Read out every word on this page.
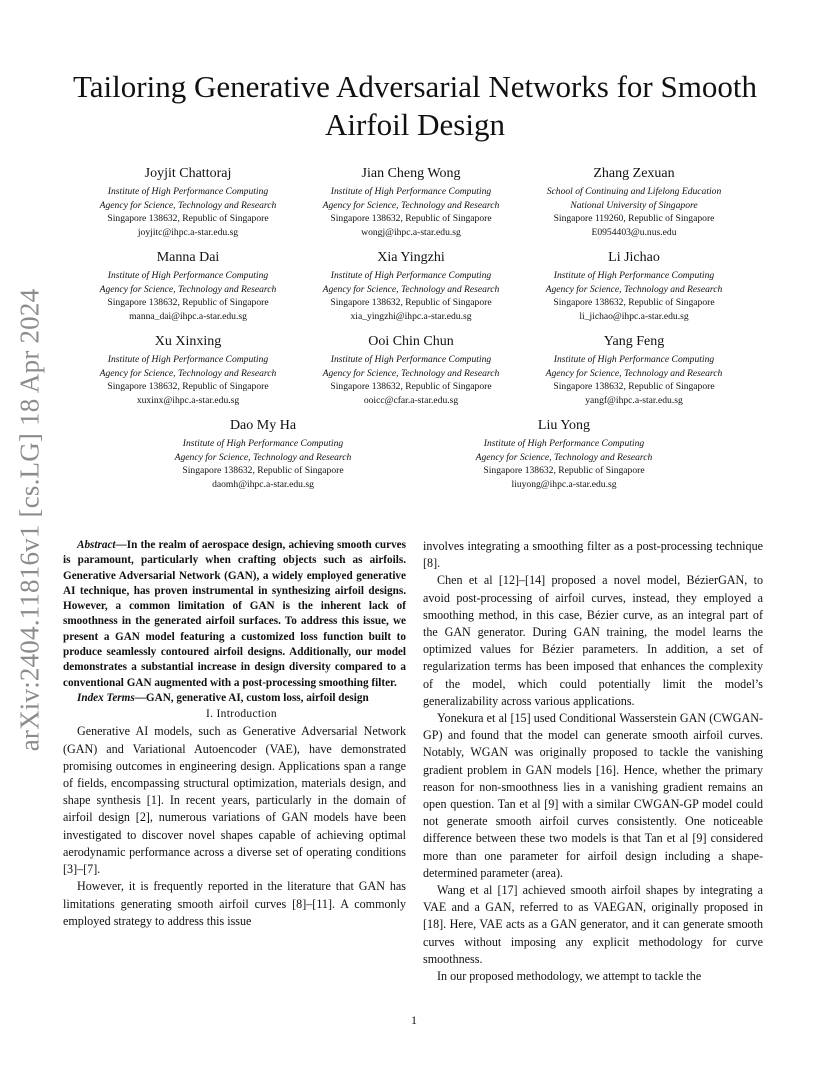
arXiv:2404.11816v1 [cs.LG] 18 Apr 2024
Tailoring Generative Adversarial Networks for Smooth Airfoil Design
Joyjit Chattoraj
Institute of High Performance Computing
Agency for Science, Technology and Research
Singapore 138632, Republic of Singapore
joyjitc@ihpc.a-star.edu.sg
Jian Cheng Wong
Institute of High Performance Computing
Agency for Science, Technology and Research
Singapore 138632, Republic of Singapore
wongj@ihpc.a-star.edu.sg
Zhang Zexuan
School of Continuing and Lifelong Education
National University of Singapore
Singapore 119260, Republic of Singapore
E0954403@u.nus.edu
Manna Dai
Institute of High Performance Computing
Agency for Science, Technology and Research
Singapore 138632, Republic of Singapore
manna_dai@ihpc.a-star.edu.sg
Xia Yingzhi
Institute of High Performance Computing
Agency for Science, Technology and Research
Singapore 138632, Republic of Singapore
xia_yingzhi@ihpc.a-star.edu.sg
Li Jichao
Institute of High Performance Computing
Agency for Science, Technology and Research
Singapore 138632, Republic of Singapore
li_jichao@ihpc.a-star.edu.sg
Xu Xinxing
Institute of High Performance Computing
Agency for Science, Technology and Research
Singapore 138632, Republic of Singapore
xuxinx@ihpc.a-star.edu.sg
Ooi Chin Chun
Institute of High Performance Computing
Agency for Science, Technology and Research
Singapore 138632, Republic of Singapore
ooicc@cfar.a-star.edu.sg
Yang Feng
Institute of High Performance Computing
Agency for Science, Technology and Research
Singapore 138632, Republic of Singapore
yangf@ihpc.a-star.edu.sg
Dao My Ha
Institute of High Performance Computing
Agency for Science, Technology and Research
Singapore 138632, Republic of Singapore
daomh@ihpc.a-star.edu.sg
Liu Yong
Institute of High Performance Computing
Agency for Science, Technology and Research
Singapore 138632, Republic of Singapore
liuyong@ihpc.a-star.edu.sg

Abstract—In the realm of aerospace design, achieving smooth curves is paramount, particularly when crafting objects such as airfoils. Generative Adversarial Network (GAN), a widely employed generative AI technique, has proven instrumental in synthesizing airfoil designs. However, a common limitation of GAN is the inherent lack of smoothness in the generated airfoil surfaces. To address this issue, we present a GAN model featuring a customized loss function built to produce seamlessly contoured airfoil designs. Additionally, our model demonstrates a substantial increase in design diversity compared to a conventional GAN augmented with a post-processing smoothing filter.

Index Terms—GAN, generative AI, custom loss, airfoil design

I. Introduction

Generative AI models, such as Generative Adversarial Network (GAN) and Variational Autoencoder (VAE), have demonstrated promising outcomes in engineering design. Applications span a range of fields, encompassing structural optimization, materials design, and shape synthesis [1]. In recent years, particularly in the domain of airfoil design [2], numerous variations of GAN models have been investigated to discover novel shapes capable of achieving optimal aerodynamic performance across a diverse set of operating conditions [3]–[7].

However, it is frequently reported in the literature that GAN has limitations generating smooth airfoil curves [8]–[11]. A commonly employed strategy to address this issue

involves integrating a smoothing filter as a post-processing technique [8].

Chen et al [12]–[14] proposed a novel model, BézierGAN, to avoid post-processing of airfoil curves, instead, they employed a smoothing method, in this case, Bézier curve, as an integral part of the GAN generator. During GAN training, the model learns the optimized values for Bézier parameters. In addition, a set of regularization terms has been imposed that enhances the complexity of the model, which could potentially limit the model’s generalizability across various applications.

Yonekura et al [15] used Conditional Wasserstein GAN (CWGAN-GP) and found that the model can generate smooth airfoil curves. Notably, WGAN was originally proposed to tackle the vanishing gradient problem in GAN models [16]. Hence, whether the primary reason for non-smoothness lies in a vanishing gradient remains an open question. Tan et al [9] with a similar CWGAN-GP model could not generate smooth airfoil curves consistently. One noticeable difference between these two models is that Tan et al [9] considered more than one parameter for airfoil design including a shape-determined parameter (area).

Wang et al [17] achieved smooth airfoil shapes by integrating a VAE and a GAN, referred to as VAEGAN, originally proposed in [18]. Here, VAE acts as a GAN generator, and it can generate smooth curves without imposing any explicit methodology for curve smoothness.

In our proposed methodology, we attempt to tackle the

1
